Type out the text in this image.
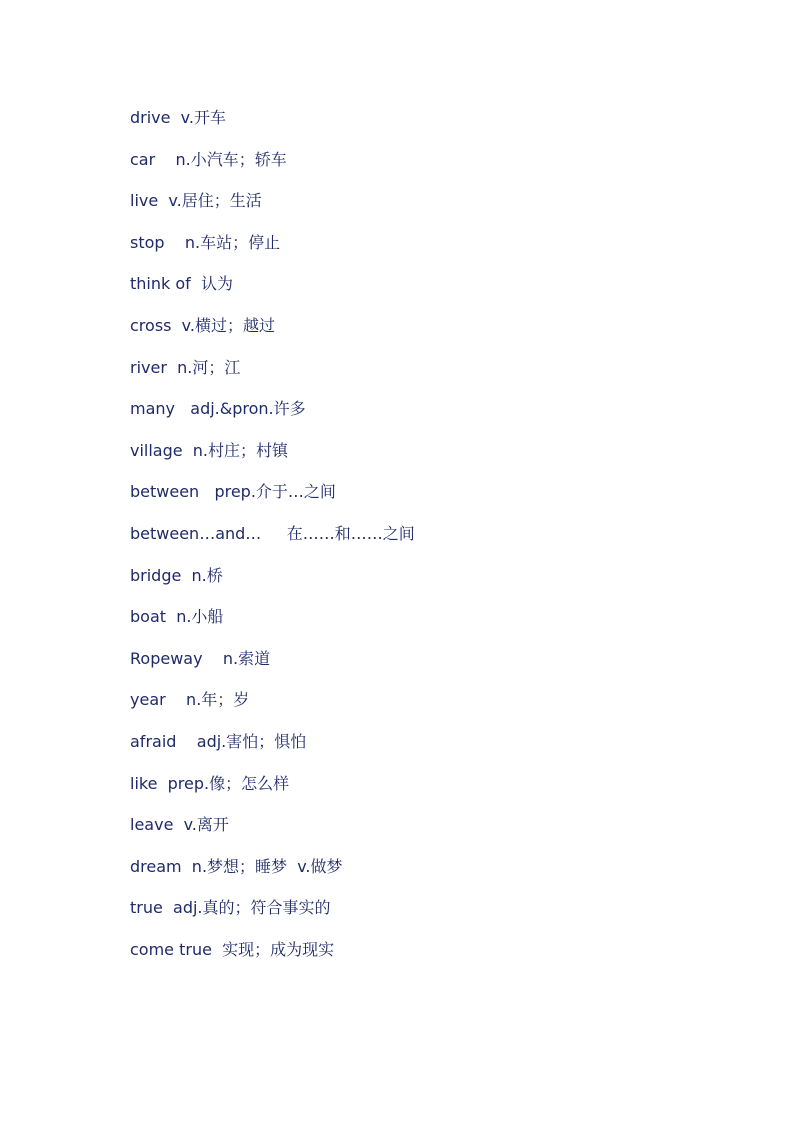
drive  v.开车
car    n.小汽车；轿车
live  v.居住；生活
stop    n.车站；停止
think of  认为
cross  v.横过；越过
river  n.河；江
many   adj.&pron.许多
village  n.村庄；村镇
between   prep.介于…之间
between…and…     在……和……之间
bridge  n.桥
boat  n.小船
Ropeway    n.索道
year    n.年；岁
afraid    adj.害怕；惧怕
like  prep.像；怎么样
leave  v.离开
dream  n.梦想；睡梦  v.做梦
true  adj.真的；符合事实的
come true  实现；成为现实
